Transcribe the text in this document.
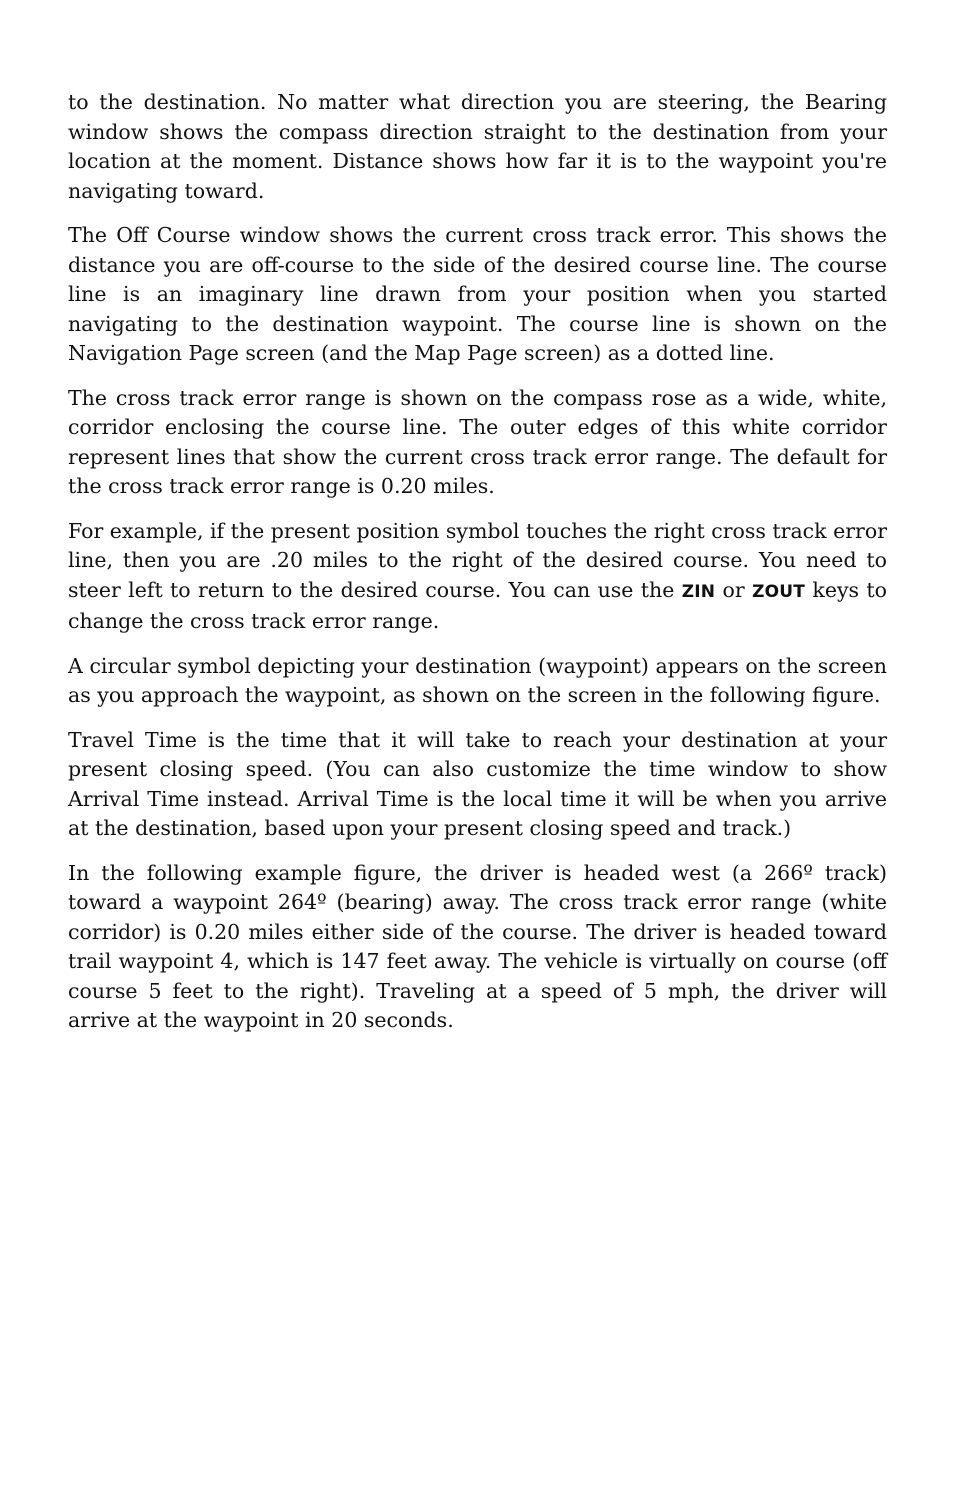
to the destination. No matter what direction you are steering, the Bearing window shows the compass direction straight to the destination from your location at the moment. Distance shows how far it is to the waypoint you're navigating toward.

The Off Course window shows the current cross track error. This shows the distance you are off-course to the side of the desired course line. The course line is an imaginary line drawn from your position when you started navigating to the destination waypoint. The course line is shown on the Navigation Page screen (and the Map Page screen) as a dotted line.

The cross track error range is shown on the compass rose as a wide, white, corridor enclosing the course line. The outer edges of this white corridor represent lines that show the current cross track error range. The default for the cross track error range is 0.20 miles.

For example, if the present position symbol touches the right cross track error line, then you are .20 miles to the right of the desired course. You need to steer left to return to the desired course. You can use the ZIN or ZOUT keys to change the cross track error range.

A circular symbol depicting your destination (waypoint) appears on the screen as you approach the waypoint, as shown on the screen in the following figure.

Travel Time is the time that it will take to reach your destination at your present closing speed. (You can also customize the time window to show Arrival Time instead. Arrival Time is the local time it will be when you arrive at the destination, based upon your present closing speed and track.)

In the following example figure, the driver is headed west (a 266º track) toward a waypoint 264º (bearing) away. The cross track error range (white corridor) is 0.20 miles either side of the course. The driver is headed toward trail waypoint 4, which is 147 feet away. The vehicle is virtually on course (off course 5 feet to the right). Traveling at a speed of 5 mph, the driver will arrive at the waypoint in 20 seconds.
